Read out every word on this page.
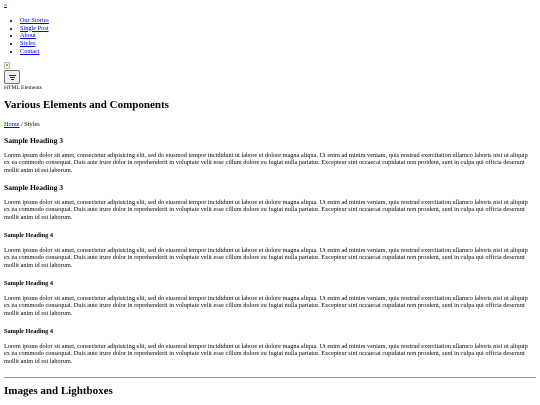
»
• Our Stories
• Single Post
• About
• Styles
• Contact
HTML Elements
Various Elements and Components
Home / Styles
Sample Heading 3

Lorem ipsum dolor sit amet, consectetur adipisicing elit, sed do eiusmod tempor incididunt ut labore et dolore magna aliqua. Ut enim ad minim veniam, quis nostrud exercitation ullamco laboris nisi ut aliquip ex ea commodo consequat. Duis aute irure dolor in reprehenderit in voluptate velit esse cillum dolore eu fugiat nulla pariatur. Excepteur sint occaecat cupidatat non proident, sunt in culpa qui officia deserunt mollit anim id est laborum.

Sample Heading 3

Lorem ipsum dolor sit amet, consectetur adipisicing elit, sed do eiusmod tempor incididunt ut labore et dolore magna aliqua. Ut enim ad minim veniam, quis nostrud exercitation ullamco laboris nisi ut aliquip ex ea commodo consequat. Duis aute irure dolor in reprehenderit in voluptate velit esse cillum dolore eu fugiat nulla pariatur. Excepteur sint occaecat cupidatat non proident, sunt in culpa qui officia deserunt mollit anim id est laborum.

Sample Heading 4

Lorem ipsum dolor sit amet, consectetur adipisicing elit, sed do eiusmod tempor incididunt ut labore et dolore magna aliqua. Ut enim ad minim veniam, quis nostrud exercitation ullamco laboris nisi ut aliquip ex ea commodo consequat. Duis aute irure dolor in reprehenderit in voluptate velit esse cillum dolore eu fugiat nulla pariatur. Excepteur sint occaecat cupidatat non proident, sunt in culpa qui officia deserunt mollit anim id est laborum.

Sample Heading 4

Lorem ipsum dolor sit amet, consectetur adipisicing elit, sed do eiusmod tempor incididunt ut labore et dolore magna aliqua. Ut enim ad minim veniam, quis nostrud exercitation ullamco laboris nisi ut aliquip ex ea commodo consequat. Duis aute irure dolor in reprehenderit in voluptate velit esse cillum dolore eu fugiat nulla pariatur. Excepteur sint occaecat cupidatat non proident, sunt in culpa qui officia deserunt mollit anim id est laborum.

Sample Heading 4

Lorem ipsum dolor sit amet, consectetur adipisicing elit, sed do eiusmod tempor incididunt ut labore et dolore magna aliqua. Ut enim ad minim veniam, quis nostrud exercitation ullamco laboris nisi ut aliquip ex ea commodo consequat. Duis aute irure dolor in reprehenderit in voluptate velit esse cillum dolore eu fugiat nulla pariatur. Excepteur sint occaecat cupidatat non proident, sunt in culpa qui officia deserunt mollit anim id est laborum.

Images and Lightboxes
